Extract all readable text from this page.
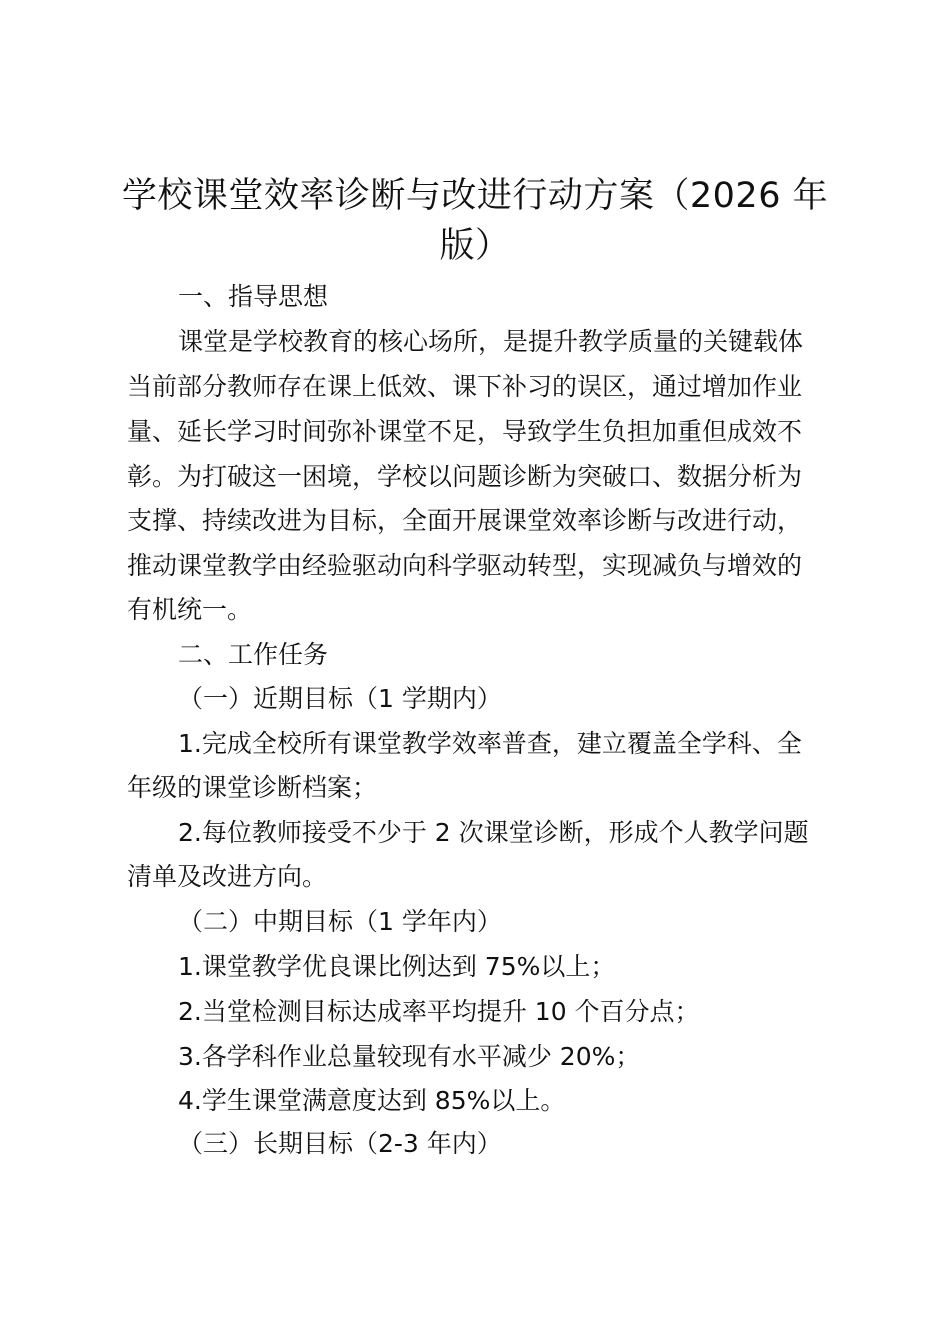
学校课堂效率诊断与改进行动方案（2026 年
版）
一、指导思想
课堂是学校教育的核心场所，是提升教学质量的关键载体
当前部分教师存在课上低效、课下补习的误区，通过增加作业
量、延长学习时间弥补课堂不足，导致学生负担加重但成效不
彰。为打破这一困境，学校以问题诊断为突破口、数据分析为
支撑、持续改进为目标，全面开展课堂效率诊断与改进行动，
推动课堂教学由经验驱动向科学驱动转型，实现减负与增效的
有机统一。
二、工作任务
（一）近期目标（1 学期内）
1.完成全校所有课堂教学效率普查，建立覆盖全学科、全
年级的课堂诊断档案；
2.每位教师接受不少于 2 次课堂诊断，形成个人教学问题
清单及改进方向。
（二）中期目标（1 学年内）
1.课堂教学优良课比例达到 75%以上；
2.当堂检测目标达成率平均提升 10 个百分点；
3.各学科作业总量较现有水平减少 20%；
4.学生课堂满意度达到 85%以上。
（三）长期目标（2-3 年内）
